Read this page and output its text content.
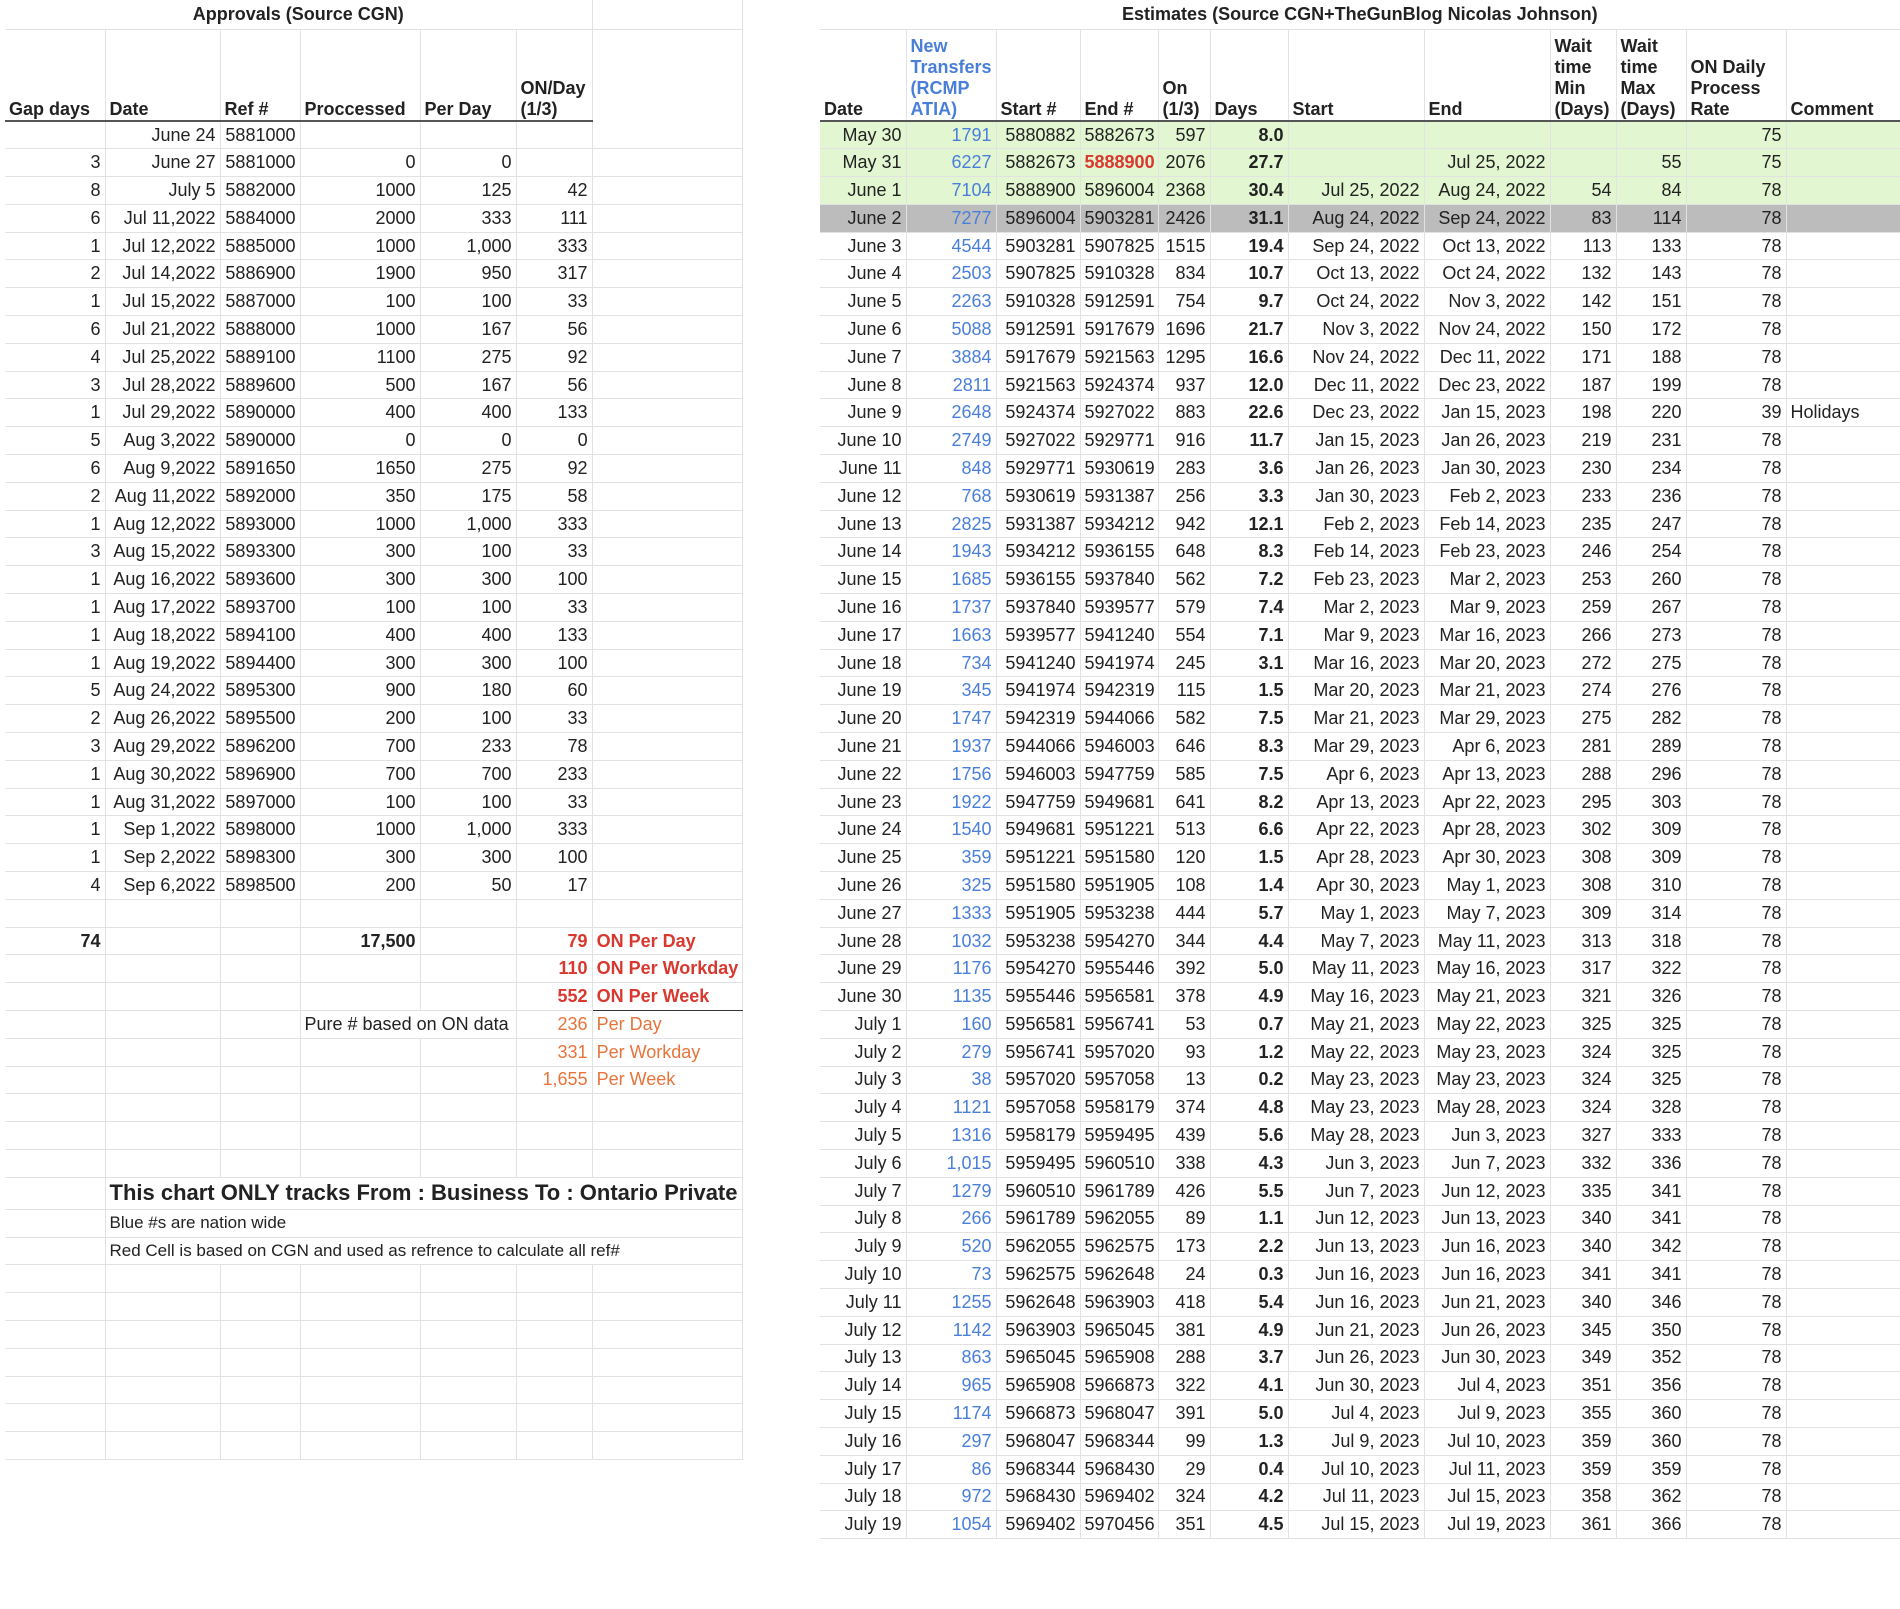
Approvals (Source CGN)						
Gap days	Date	Ref #	Proccessed	Per Day	ON/Day (1/3)	
	June 24	5881000				
3	June 27	5881000	0	0		
8	July 5	5882000	1000	125	42	
6	Jul 11,2022	5884000	2000	333	111	
1	Jul 12,2022	5885000	1000	1,000	333	
2	Jul 14,2022	5886900	1900	950	317	
1	Jul 15,2022	5887000	100	100	33	
6	Jul 21,2022	5888000	1000	167	56	
4	Jul 25,2022	5889100	1100	275	92	
3	Jul 28,2022	5889600	500	167	56	
1	Jul 29,2022	5890000	400	400	133	
5	Aug 3,2022	5890000	0	0	0	
6	Aug 9,2022	5891650	1650	275	92	
2	Aug 11,2022	5892000	350	175	58	
1	Aug 12,2022	5893000	1000	1,000	333	
3	Aug 15,2022	5893300	300	100	33	
1	Aug 16,2022	5893600	300	300	100	
1	Aug 17,2022	5893700	100	100	33	
1	Aug 18,2022	5894100	400	400	133	
1	Aug 19,2022	5894400	300	300	100	
5	Aug 24,2022	5895300	900	180	60	
2	Aug 26,2022	5895500	200	100	33	
3	Aug 29,2022	5896200	700	233	78	
1	Aug 30,2022	5896900	700	700	233	
1	Aug 31,2022	5897000	100	100	33	
1	Sep 1,2022	5898000	1000	1,000	333	
1	Sep 2,2022	5898300	300	300	100	
4	Sep 6,2022	5898500	200	50	17	

74			17,500		79	ON Per Day
					110	ON Per Workday
					552	ON Per Week
			Pure # based on ON data		236	Per Day
					331	Per Workday
					1,655	Per Week

	This chart ONLY tracks From : Business To : Ontario Private					
	Blue #s are nation wide					
	Red Cell is based on CGN and used as refrence to calculate all ref#					

Estimates (Source CGN+TheGunBlog Nicolas Johnson)											
Date	New Transfers (RCMP ATIA)	Start #	End #	On (1/3)	Days	Start	End	Wait time Min (Days)	Wait time Max (Days)	ON Daily Process Rate	Comment
May 30	1791	5880882	5882673	597	8.0					75	
May 31	6227	5882673	5888900	2076	27.7		Jul 25, 2022		55	75	
June 1	7104	5888900	5896004	2368	30.4	Jul 25, 2022	Aug 24, 2022	54	84	78	
June 2	7277	5896004	5903281	2426	31.1	Aug 24, 2022	Sep 24, 2022	83	114	78	
June 3	4544	5903281	5907825	1515	19.4	Sep 24, 2022	Oct 13, 2022	113	133	78	
June 4	2503	5907825	5910328	834	10.7	Oct 13, 2022	Oct 24, 2022	132	143	78	
June 5	2263	5910328	5912591	754	9.7	Oct 24, 2022	Nov 3, 2022	142	151	78	
June 6	5088	5912591	5917679	1696	21.7	Nov 3, 2022	Nov 24, 2022	150	172	78	
June 7	3884	5917679	5921563	1295	16.6	Nov 24, 2022	Dec 11, 2022	171	188	78	
June 8	2811	5921563	5924374	937	12.0	Dec 11, 2022	Dec 23, 2022	187	199	78	
June 9	2648	5924374	5927022	883	22.6	Dec 23, 2022	Jan 15, 2023	198	220	39	Holidays
June 10	2749	5927022	5929771	916	11.7	Jan 15, 2023	Jan 26, 2023	219	231	78	
June 11	848	5929771	5930619	283	3.6	Jan 26, 2023	Jan 30, 2023	230	234	78	
June 12	768	5930619	5931387	256	3.3	Jan 30, 2023	Feb 2, 2023	233	236	78	
June 13	2825	5931387	5934212	942	12.1	Feb 2, 2023	Feb 14, 2023	235	247	78	
June 14	1943	5934212	5936155	648	8.3	Feb 14, 2023	Feb 23, 2023	246	254	78	
June 15	1685	5936155	5937840	562	7.2	Feb 23, 2023	Mar 2, 2023	253	260	78	
June 16	1737	5937840	5939577	579	7.4	Mar 2, 2023	Mar 9, 2023	259	267	78	
June 17	1663	5939577	5941240	554	7.1	Mar 9, 2023	Mar 16, 2023	266	273	78	
June 18	734	5941240	5941974	245	3.1	Mar 16, 2023	Mar 20, 2023	272	275	78	
June 19	345	5941974	5942319	115	1.5	Mar 20, 2023	Mar 21, 2023	274	276	78	
June 20	1747	5942319	5944066	582	7.5	Mar 21, 2023	Mar 29, 2023	275	282	78	
June 21	1937	5944066	5946003	646	8.3	Mar 29, 2023	Apr 6, 2023	281	289	78	
June 22	1756	5946003	5947759	585	7.5	Apr 6, 2023	Apr 13, 2023	288	296	78	
June 23	1922	5947759	5949681	641	8.2	Apr 13, 2023	Apr 22, 2023	295	303	78	
June 24	1540	5949681	5951221	513	6.6	Apr 22, 2023	Apr 28, 2023	302	309	78	
June 25	359	5951221	5951580	120	1.5	Apr 28, 2023	Apr 30, 2023	308	309	78	
June 26	325	5951580	5951905	108	1.4	Apr 30, 2023	May 1, 2023	308	310	78	
June 27	1333	5951905	5953238	444	5.7	May 1, 2023	May 7, 2023	309	314	78	
June 28	1032	5953238	5954270	344	4.4	May 7, 2023	May 11, 2023	313	318	78	
June 29	1176	5954270	5955446	392	5.0	May 11, 2023	May 16, 2023	317	322	78	
June 30	1135	5955446	5956581	378	4.9	May 16, 2023	May 21, 2023	321	326	78	
July 1	160	5956581	5956741	53	0.7	May 21, 2023	May 22, 2023	325	325	78	
July 2	279	5956741	5957020	93	1.2	May 22, 2023	May 23, 2023	324	325	78	
July 3	38	5957020	5957058	13	0.2	May 23, 2023	May 23, 2023	324	325	78	
July 4	1121	5957058	5958179	374	4.8	May 23, 2023	May 28, 2023	324	328	78	
July 5	1316	5958179	5959495	439	5.6	May 28, 2023	Jun 3, 2023	327	333	78	
July 6	1,015	5959495	5960510	338	4.3	Jun 3, 2023	Jun 7, 2023	332	336	78	
July 7	1279	5960510	5961789	426	5.5	Jun 7, 2023	Jun 12, 2023	335	341	78	
July 8	266	5961789	5962055	89	1.1	Jun 12, 2023	Jun 13, 2023	340	341	78	
July 9	520	5962055	5962575	173	2.2	Jun 13, 2023	Jun 16, 2023	340	342	78	
July 10	73	5962575	5962648	24	0.3	Jun 16, 2023	Jun 16, 2023	341	341	78	
July 11	1255	5962648	5963903	418	5.4	Jun 16, 2023	Jun 21, 2023	340	346	78	
July 12	1142	5963903	5965045	381	4.9	Jun 21, 2023	Jun 26, 2023	345	350	78	
July 13	863	5965045	5965908	288	3.7	Jun 26, 2023	Jun 30, 2023	349	352	78	
July 14	965	5965908	5966873	322	4.1	Jun 30, 2023	Jul 4, 2023	351	356	78	
July 15	1174	5966873	5968047	391	5.0	Jul 4, 2023	Jul 9, 2023	355	360	78	
July 16	297	5968047	5968344	99	1.3	Jul 9, 2023	Jul 10, 2023	359	360	78	
July 17	86	5968344	5968430	29	0.4	Jul 10, 2023	Jul 11, 2023	359	359	78	
July 18	972	5968430	5969402	324	4.2	Jul 11, 2023	Jul 15, 2023	358	362	78	
July 19	1054	5969402	5970456	351	4.5	Jul 15, 2023	Jul 19, 2023	361	366	78	
